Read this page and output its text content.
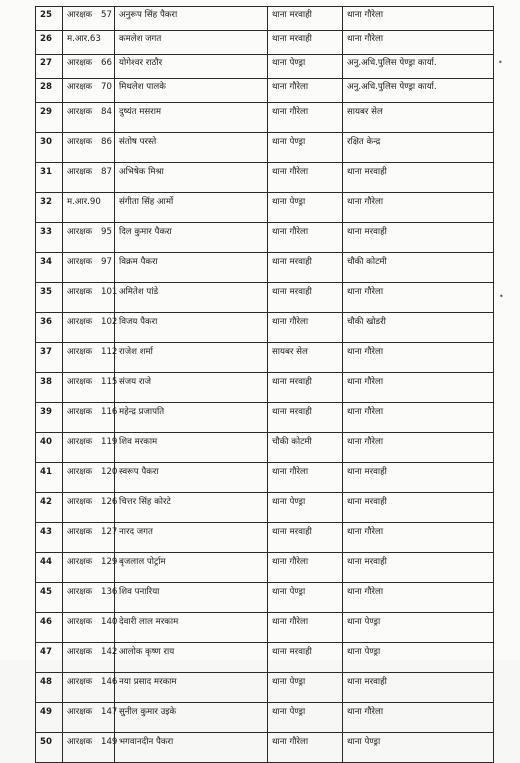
25	आरक्षक 57	अनुरूप सिंह पैकरा	थाना मरवाही	थाना गौरेला
26	म.आर.63	कमलेश जगत	थाना मरवाही	थाना गौरेला
27	आरक्षक 66	योगेश्वर राठौर	थाना पेण्ड्रा	अनु.अधि.पुलिस पेण्ड्रा कार्या.
28	आरक्षक 70	मिथलेश पालके	थाना गौरेला	अनु.अधि.पुलिस पेण्ड्रा कार्या.
29	आरक्षक 84	दुष्यंत मसराम	थाना गौरेला	सायबर सेल
30	आरक्षक 86	संतोष परस्ते	थाना पेण्ड्रा	रक्षित केन्द्र
31	आरक्षक 87	अभिषेक मिश्रा	थाना गौरेला	थाना मरवाही
32	म.आर.90	संगीता सिंह आर्मो	थाना पेण्ड्रा	थाना गौरेला
33	आरक्षक 95	दिल कुमार पैकरा	थाना गौरेला	थाना मरवाही
34	आरक्षक 97	विक्रम पैकरा	थाना मरवाही	चौकी कोटमी
35	आरक्षक 101	अमितेश पांडे	थाना मरवाही	थाना गौरेला
36	आरक्षक 102	विजय पैकरा	थाना गौरेला	चौकी खोडरी
37	आरक्षक 112	राजेश शर्मा	सायबर सेल	थाना गौरेला
38	आरक्षक 115	संजय राजे	थाना मरवाही	थाना गौरेला
39	आरक्षक 116	महेन्द्र प्रजापति	थाना मरवाही	थाना गौरेला
40	आरक्षक 119	शिव मरकाम	चौकी कोटमी	थाना गौरेला
41	आरक्षक 120	स्वरूप पैकरा	थाना गौरेला	थाना मरवाही
42	आरक्षक 126	चित्तर सिंह कोरटे	थाना पेण्ड्रा	थाना मरवाही
43	आरक्षक 127	नारद जगत	थाना मरवाही	थाना गौरेला
44	आरक्षक 129	बृजलाल पोर्ट्राम	थाना गौरेला	थाना मरवाही
45	आरक्षक 136	शिव पनारिया	थाना पेण्ड्रा	थाना गौरेला
46	आरक्षक 140	देवारी लाल मरकाम	थाना गौरेला	थाना पेण्ड्रा
47	आरक्षक 142	आलोक कृष्ण राय	थाना मरवाही	थाना पेण्ड्रा
48	आरक्षक 146	नया प्रसाद मरकाम	थाना पेण्ड्रा	थाना मरवाही
49	आरक्षक 147	सुनील कुमार उइके	थाना पेण्ड्रा	थाना गौरेला
50	आरक्षक 149	भगवानदीन पैकरा	थाना गौरेला	थाना पेण्ड्रा
•
•
